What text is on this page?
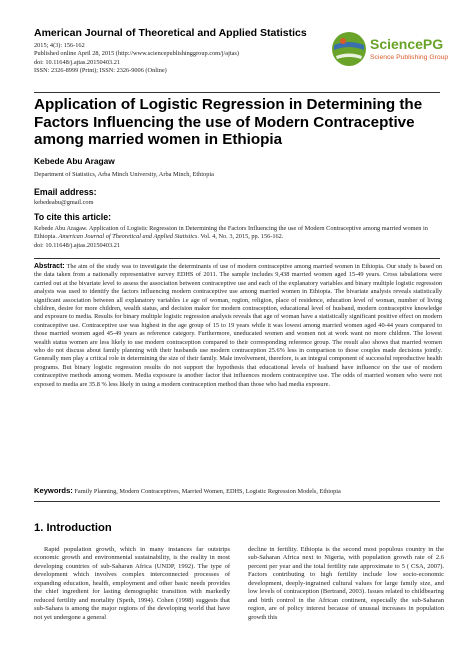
American Journal of Theoretical and Applied Statistics
2015; 4(3): 156-162
Published online April 28, 2015 (http://www.sciencepublishinggroup.com/j/ajtas)
doi: 10.11648/j.ajtas.20150403.21
ISSN: 2326-8999 (Print); ISSN: 2326-9006 (Online)
SciencePG
Science Publishing Group
Application of Logistic Regression in Determining the Factors Influencing the use of Modern Contraceptive among married women in Ethiopia
Kebede Abu Aragaw
Department of Statistics, Arba Minch University, Arba Minch, Ethiopia
Email address:
kebedeabu@gmail.com
To cite this article:
Kebede Abu Aragaw. Application of Logistic Regression in Determining the Factors Influencing the use of Modern Contraceptive among married women in Ethiopia. American Journal of Theoretical and Applied Statistics. Vol. 4, No. 3, 2015, pp. 156-162.
doi: 10.11648/j.ajtas.20150403.21
Abstract: The aim of the study was to investigate the determinants of use of modern contraceptive among married women in Ethiopia. Our study is based on the data taken from a nationally representative survey EDHS of 2011. The sample includes 9,438 married women aged 15-49 years. Cross tabulations were carried out at the bivariate level to assess the association between contraceptive use and each of the explanatory variables and binary multiple logistic regression analysis was used to identify the factors influencing modern contraceptive use among married women in Ethiopia. The bivariate analysis reveals statistically significant association between all explanatory variables i.e age of woman, region, religion, place of residence, education level of woman, number of living children, desire for more children, wealth status, and decision maker for modern contraception, educational level of husband, modern contraceptive knowledge and exposure to media. Results for binary multiple logistic regression analysis reveals that age of woman have a statistically significant positive effect on modern contraceptive use. Contraceptive use was highest in the age group of 15 to 19 years while it was lowest among married women aged 40-44 years compared to those married women aged 45-49 years as reference category. Furthermore, uneducated women and women not at work want no more children. The lowest wealth status women are less likely to use modern contraception compared to their corresponding reference group. The result also shows that married women who do not discuss about family planning with their husbands use modern contraception 25.6% less in comparison to those couples made decisions jointly. Generally men play a critical role in determining the size of their family. Male involvement, therefore, is an integral component of successful reproductive health programs. But binary logistic regression results do not support the hypothesis that educational levels of husband have influence on the use of modern contraceptive methods among women. Media exposure is another factor that influences modern contraceptive use. The odds of married women who were not exposed to media are 35.8 % less likely in using a modern contraception method than those who had media exposure.
Keywords: Family Planning, Modern Contraceptives, Married Women, EDHS, Logistic Regression Models, Ethiopia
1. Introduction
Rapid population growth, which in many instances far outstrips economic growth and environmental sustainability, is the reality in most developing countries of sub-Saharan Africa (UNDP, 1992). The type of development which involves complex interconnected processes of expanding education, health, employment and other basic needs provides the chief ingredient for lasting demographic transition with markedly reduced fertility and mortality (Speth, 1994). Cohen (1998) suggests that sub-Sahara is among the major regions of the developing world that have not yet undergone a general
decline in fertility. Ethiopia is the second most populous country in the sub-Saharan Africa next to Nigeria, with population growth rate of 2.6 percent per year and the total fertility rate approximate to 5 ( CSA, 2007). Factors contributing to high fertility include low socio-economic development, deeply-ingrained cultural values for large family size, and low levels of contraception (Bertrand, 2003). Issues related to childbearing and birth control in the African continent, especially the sub-Saharan region, are of policy interest because of unusual increases in population growth this
